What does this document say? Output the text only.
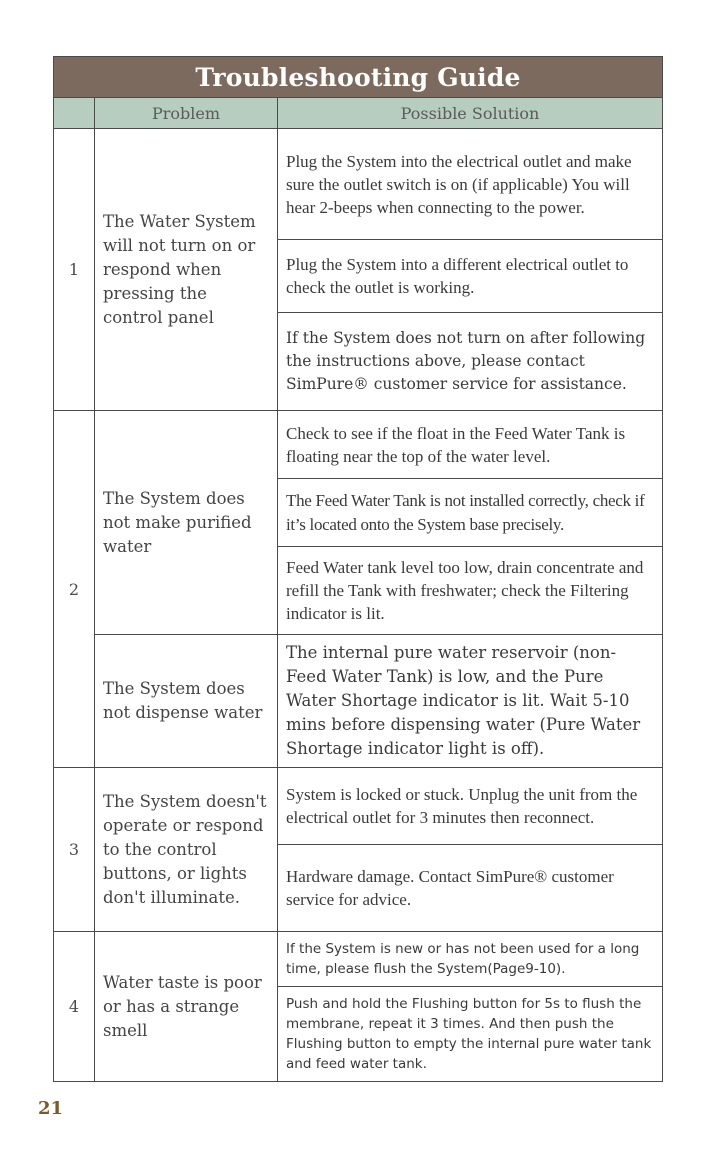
Troubleshooting Guide		
	Problem	Possible Solution
1	The Water System will not turn on or respond when pressing the control panel	Plug the System into the electrical outlet and make sure the outlet switch is on (if applicable) You will hear 2-beeps when connecting to the power.
		Plug the System into a different electrical outlet to check the outlet is working.
		If the System does not turn on after following the instructions above, please contact SimPure® customer service for assistance.
2	The System does not make purified water	Check to see if the float in the Feed Water Tank is floating near the top of the water level.
		The Feed Water Tank is not installed correctly, check if it’s located onto the System base precisely.
		Feed Water tank level too low, drain concentrate and refill the Tank with freshwater; check the Filtering indicator is lit.
	The System does not dispense water	The internal pure water reservoir (non-Feed Water Tank) is low, and the Pure Water Shortage indicator is lit. Wait 5-10 mins before dispensing water (Pure Water Shortage indicator light is off).
3	The System doesn't operate or respond to the control buttons, or lights don't illuminate.	System is locked or stuck. Unplug the unit from the electrical outlet for 3 minutes then reconnect.
		Hardware damage. Contact SimPure® customer service for advice.
4	Water taste is poor or has a strange smell	If the System is new or has not been used for a long time, please flush the System(Page9-10).
		Push and hold the Flushing button for 5s to flush the membrane, repeat it 3 times. And then push the Flushing button to empty the internal pure water tank and feed water tank.
21
